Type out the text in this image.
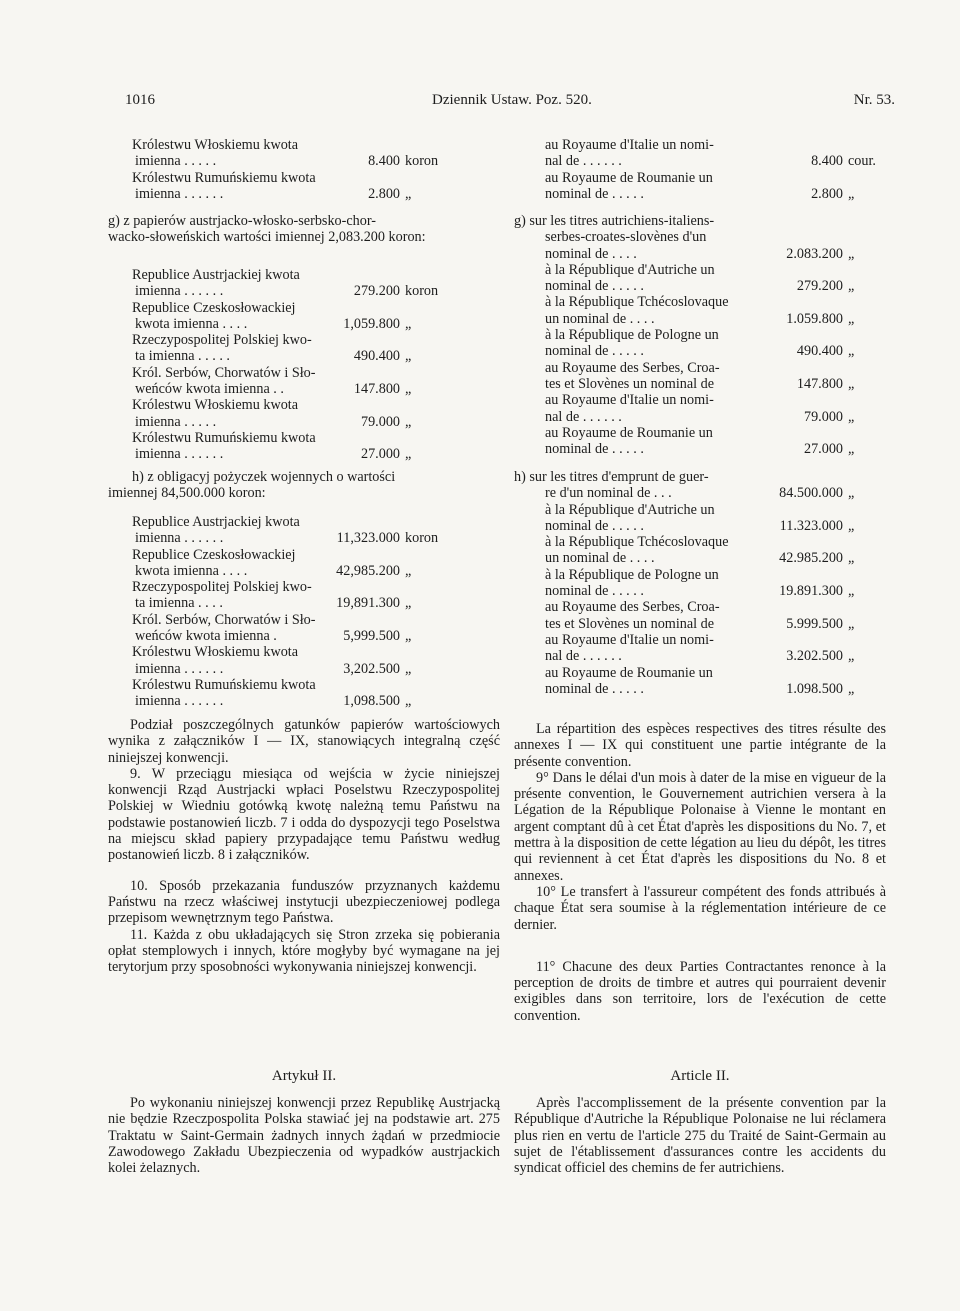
1016	Dziennik Ustaw. Poz. 520.	Nr. 53.
Królestwu Włoskiemu kwota
imienna . . . . .	8.400 koron
Królestwu Rumuńskiemu kwota
imienna . . . . . .	2.800 „
g) z papierów austrjacko-włosko-serbsko-chor-
wacko-słoweńskich wartości imiennej 2,083.200 koron:
Republice Austrjackiej kwota
imienna . . . . . .	279.200 koron
Republice Czeskosłowackiej
kwota imienna . . . .	1,059.800 „
Rzeczypospolitej Polskiej kwo-
ta imienna . . . . .	490.400 „
Król. Serbów, Chorwatów i Sło-
weńców kwota imienna . .	147.800 „
Królestwu Włoskiemu kwota
imienna . . . . .	79.000 „
Królestwu Rumuńskiemu kwota
imienna . . . . . .	27.000 „
h) z obligacyj pożyczek wojennych o wartości
imiennej 84,500.000 koron:
Republice Austrjackiej kwota
imienna . . . . . .	11,323.000 koron
Republice Czeskosłowackiej
kwota imienna . . . .	42,985.200 „
Rzeczypospolitej Polskiej kwo-
ta imienna . . . .	19,891.300 „
Król. Serbów, Chorwatów i Sło-
weńców kwota imienna .	5,999.500 „
Królestwu Włoskiemu kwota
imienna . . . . . .	3,202.500 „
Królestwu Rumuńskiemu kwota
imienna . . . . . .	1,098.500 „

Podział poszczególnych gatunków papierów wartościowych wynika z załączników I — IX, stanowiących integralną część niniejszej konwencji.

9. W przeciągu miesiąca od wejścia w życie niniejszej konwencji Rząd Austrjacki wpłaci Poselstwu Rzeczypospolitej Polskiej w Wiedniu gotówką kwotę należną temu Państwu na podstawie postanowień liczb. 7 i odda do dyspozycji tego Poselstwa na miejscu skład papiery przypadające temu Państwu według postanowień liczb. 8 i załączników.

10. Sposób przekazania funduszów przyznanych każdemu Państwu na rzecz właściwej instytucji ubezpieczeniowej podlega przepisom wewnętrznym tego Państwa.

11. Każda z obu układających się Stron zrzeka się pobierania opłat stemplowych i innych, które mogłyby być wymagane na jej terytorjum przy sposobności wykonywania niniejszej konwencji.

Artykuł II.

Po wykonaniu niniejszej konwencji przez Republikę Austrjacką nie będzie Rzeczpospolita Polska stawiać jej na podstawie art. 275 Traktatu w Saint-Germain żadnych innych żądań w przedmiocie Zawodowego Zakładu Ubezpieczenia od wypadków austrjackich kolei żelaznych.

au Royaume d'Italie un nomi-
nal de . . . . . .	8.400 cour.
au Royaume de Roumanie un
nominal de . . . . .	2.800 „
g) sur les titres autrichiens-italiens-
serbes-croates-slovènes d'un
nominal de . . . .	2.083.200 „
à la République d'Autriche un
nominal de . . . . .	279.200 „
à la République Tchécoslovaque
un nominal de . . . .	1.059.800 „
à la République de Pologne un
nominal de . . . . .	490.400 „
au Royaume des Serbes, Croa-
tes et Slovènes un nominal de	147.800 „
au Royaume d'Italie un nomi-
nal de . . . . . .	79.000 „
au Royaume de Roumanie un
nominal de . . . . .	27.000 „
h) sur les titres d'emprunt de guer-
re d'un nominal de . . .	84.500.000 „
à la République d'Autriche un
nominal de . . . . .	11.323.000 „
à la République Tchécoslovaque
un nominal de . . . .	42.985.200 „
à la République de Pologne un
nominal de . . . . .	19.891.300 „
au Royaume des Serbes, Croa-
tes et Slovènes un nominal de	5.999.500 „
au Royaume d'Italie un nomi-
nal de . . . . . .	3.202.500 „
au Royaume de Roumanie un
nominal de . . . . .	1.098.500 „

La répartition des espèces respectives des titres résulte des annexes I — IX qui constituent une partie intégrante de la présente convention.

9° Dans le délai d'un mois à dater de la mise en vigueur de la présente convention, le Gouvernement autrichien versera à la Légation de la République Polonaise à Vienne le montant en argent comptant dû à cet État d'après les dispositions du No. 7, et mettra à la disposition de cette légation au lieu du dépôt, les titres qui reviennent à cet État d'après les dispositions du No. 8 et annexes.

10° Le transfert à l'assureur compétent des fonds attribués à chaque État sera soumise à la réglementation intérieure de ce dernier.

11° Chacune des deux Parties Contractantes renonce à la perception de droits de timbre et autres qui pourraient devenir exigibles dans son territoire, lors de l'exécution de cette convention.

Article II.

Après l'accomplissement de la présente convention par la République d'Autriche la République Polonaise ne lui réclamera plus rien en vertu de l'article 275 du Traité de Saint-Germain au sujet de l'établissement d'assurances contre les accidents du syndicat officiel des chemins de fer autrichiens.
